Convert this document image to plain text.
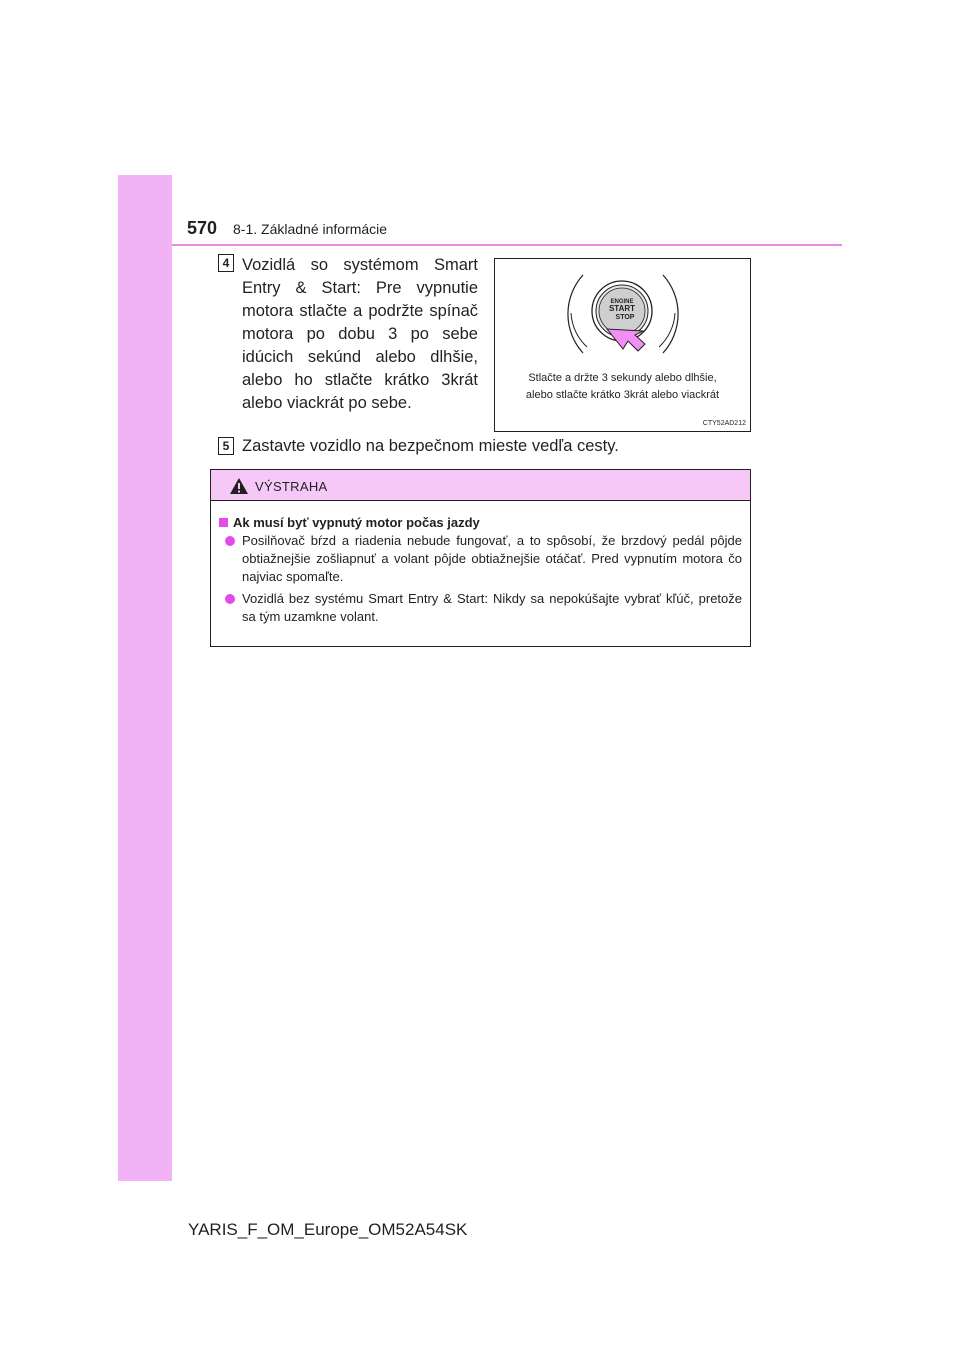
570 8-1. Základné informácie
4 Vozidlá so systémom Smart Entry & Start: Pre vypnutie motora stlačte a podržte spínač motora po dobu 3 po sebe idúcich sekúnd alebo dlhšie, alebo ho stlačte krátko 3krát alebo viackrát po sebe.
ENGINE
START
STOP
Stlačte a držte 3 sekundy alebo dlhšie,
alebo stlačte krátko 3krát alebo viackrát
CTY52AD212
5 Zastavte vozidlo na bezpečnom mieste vedľa cesty.
VÝSTRAHA
Ak musí byť vypnutý motor počas jazdy
Posilňovač bŕzd a riadenia nebude fungovať, a to spôsobí, že brzdový pedál pôjde obtiažnejšie zošliapnuť a volant pôjde obtiažnejšie otáčať. Pred vypnutím motora čo najviac spomaľte.
Vozidlá bez systému Smart Entry & Start: Nikdy sa nepokúšajte vybrať kľúč, pretože sa tým uzamkne volant.
YARIS_F_OM_Europe_OM52A54SK
